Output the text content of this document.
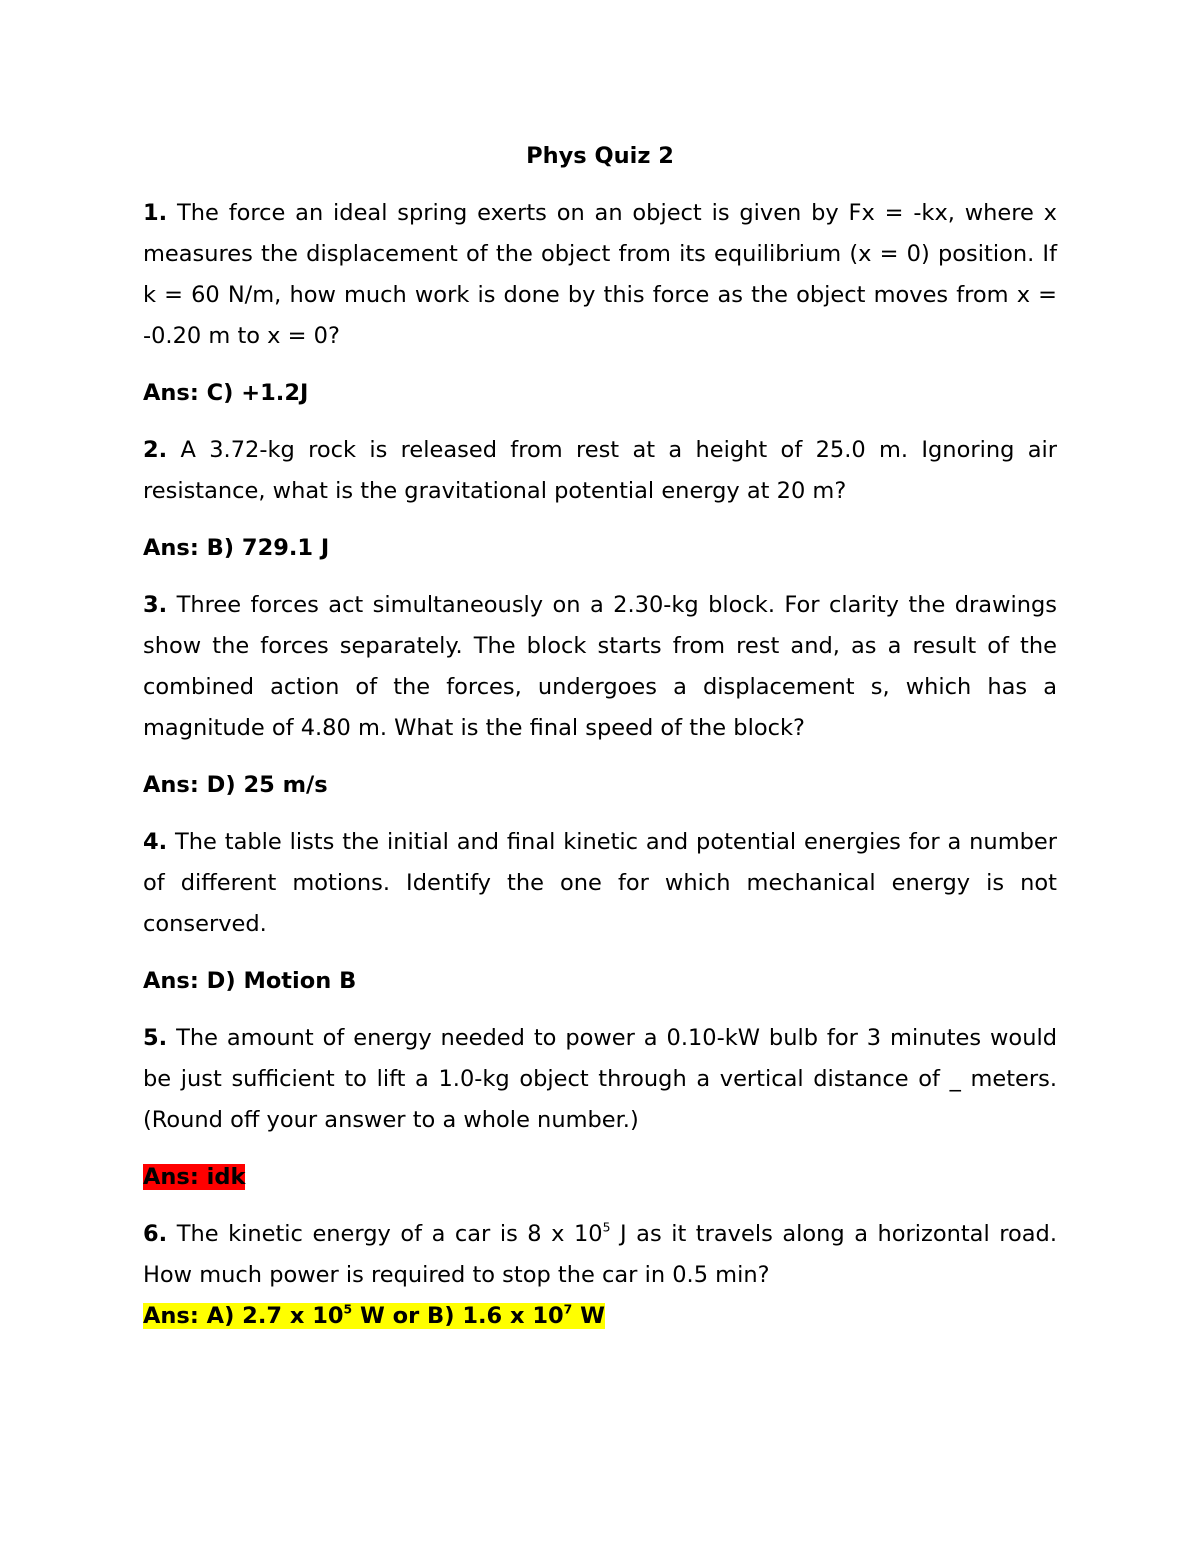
Phys Quiz 2
1. The force an ideal spring exerts on an object is given by Fx = -kx, where x measures the displacement of the object from its equilibrium (x = 0) position. If k = 60 N/m, how much work is done by this force as the object moves from x = -0.20 m to x = 0?
Ans: C) +1.2J
2. A 3.72-kg rock is released from rest at a height of 25.0 m. Ignoring air resistance, what is the gravitational potential energy at 20 m?
Ans: B) 729.1 J
3. Three forces act simultaneously on a 2.30-kg block. For clarity the drawings show the forces separately. The block starts from rest and, as a result of the combined action of the forces, undergoes a displacement s, which has a magnitude of 4.80 m. What is the final speed of the block?
Ans: D) 25 m/s
4. The table lists the initial and final kinetic and potential energies for a number of different motions. Identify the one for which mechanical energy is not conserved.
Ans: D) Motion B
5. The amount of energy needed to power a 0.10-kW bulb for 3 minutes would be just sufficient to lift a 1.0-kg object through a vertical distance of _ meters. (Round off your answer to a whole number.)
Ans: idk
6. The kinetic energy of a car is 8 x $10^5$ J as it travels along a horizontal road. How much power is required to stop the car in 0.5 min?
Ans: A) 2.7 x $10^5$ W or B) 1.6 x $10^7$ W
